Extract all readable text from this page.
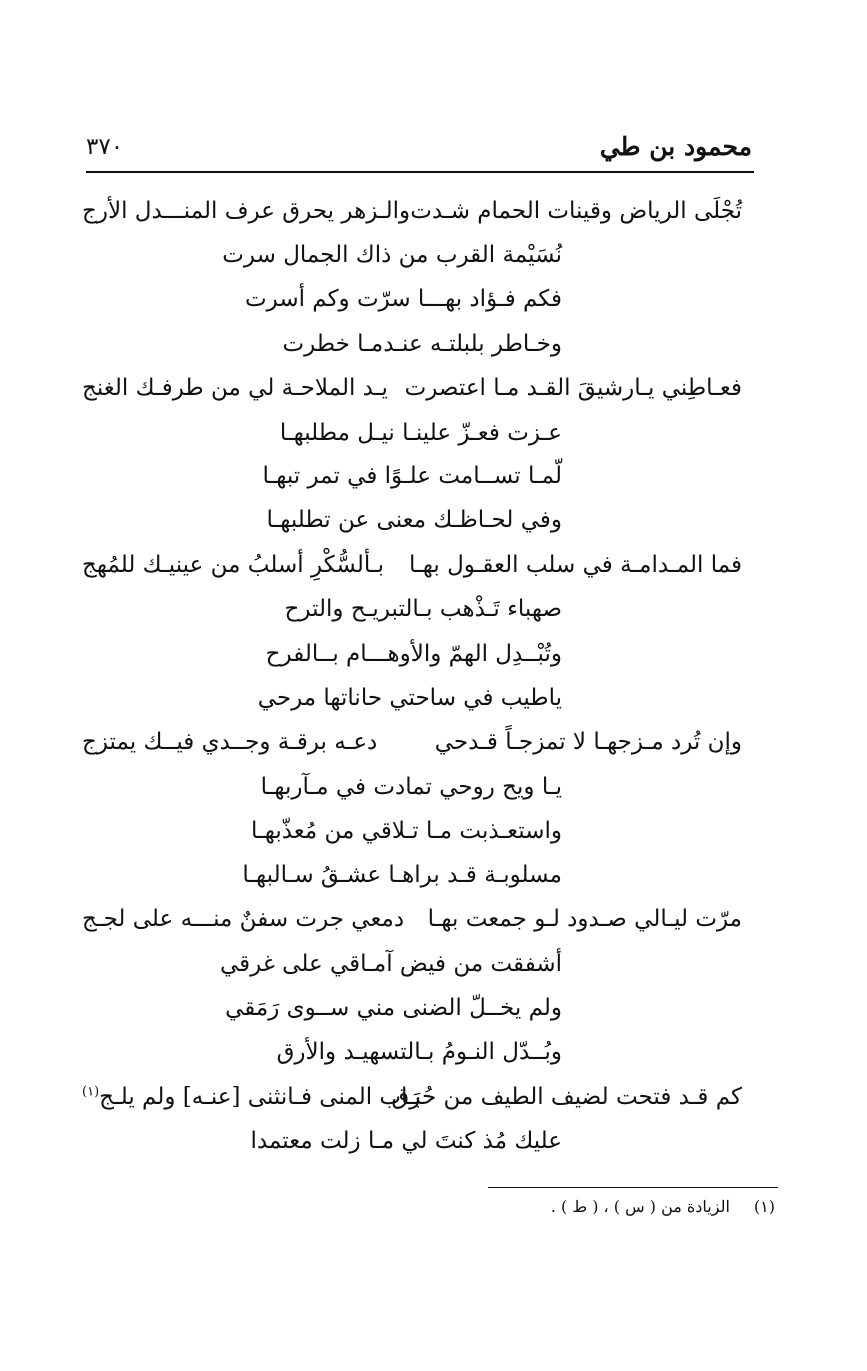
محمود بن طي
٣٧٠
تُجْلَى الرياض وقينات الحمام شـدت
والـزهر يحرق عرف المنـــدل الأرج
نُسَيْمة القرب من ذاك الجمال سرت
فكم فـؤاد بهـــا سرّت وكم أسرت
وخـاطر بلبلتـه عنـدمـا خطرت
فعـاطِني يـارشيقَ القـد مـا اعتصرت
يـد الملاحـة لي من طرفـك الغنج
عـزت فعـزّ علينـا نيـل مطلبهـا
لّمـا تســامت علـوًا في تمر تبهـا
وفي لحـاظـك معنى عن تطلبهـا
فما المـدامـة في سلب العقـول بهـا
بـألسُّكْرِ أسلبُ من عينيـك للمُهج
صهباء تَـذْهب بـالتبريـح والترح
وتُبْــدِل الهمّ والأوهـــام بــالفرح
ياطيب في ساحتي حاناتها مرحي
وإن تُرد مـزجهـا لا تمزجـاً قـدحي
دعـه برقـة وجــدي فيــك يمتزج
يـا ويح روحي تمادت في مـآربهـا
واستعـذبت مـا تـلاقي من مُعذّبهـا
مسلوبـة قـد براهـا عشـقُ سـالبهـا
مرّت ليـالي صـدود لـو جمعت بهـا
دمعي جرت سفنٌ منـــه على لجـج
أشفقت من فيض آمـاقي على غرقي
ولم يخــلّ الضنى مني ســوى رَمَقي
وبُــدّل النـومُ بـالتسهيـد والأرق
كم قـد فتحت لضيف الطيف من حُرَق
بـاب المنى فـانثنى [عنـه] ولم يلـج$^{(١)}$
عليك مُذ كنتَ لي مـا زلت معتمدا
(١)الزيادة من ( س ) ، ( ط ) .
